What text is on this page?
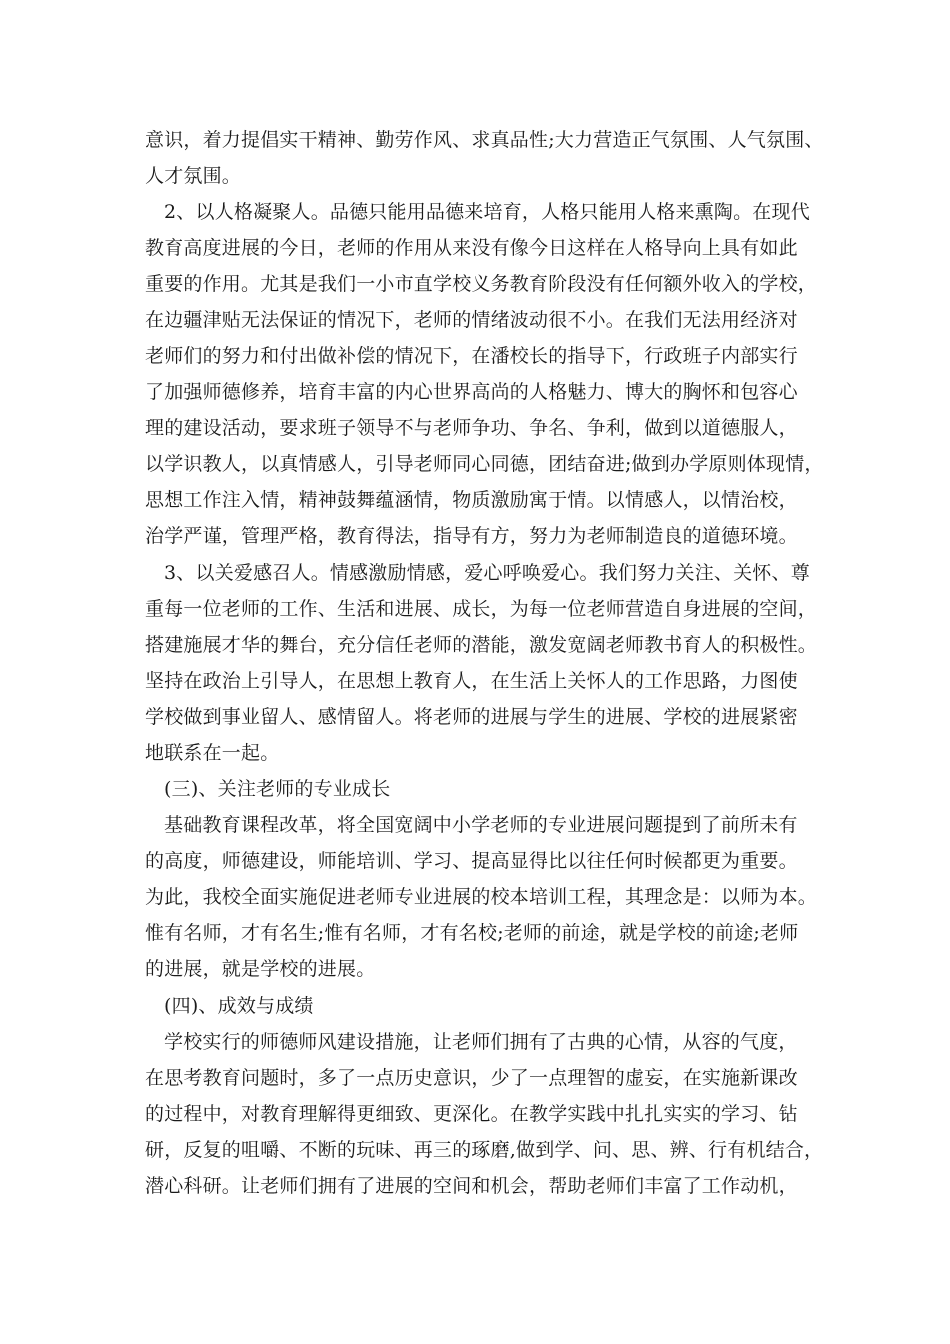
意识，着力提倡实干精神、勤劳作风、求真品性;大力营造正气氛围、人气氛围、
人才氛围。
2、以人格凝聚人。品德只能用品德来培育，人格只能用人格来熏陶。在现代
教育高度进展的今日，老师的作用从来没有像今日这样在人格导向上具有如此
重要的作用。尤其是我们一小市直学校义务教育阶段没有任何额外收入的学校，
在边疆津贴无法保证的情况下，老师的情绪波动很不小。在我们无法用经济对
老师们的努力和付出做补偿的情况下，在潘校长的指导下，行政班子内部实行
了加强师德修养，培育丰富的内心世界高尚的人格魅力、博大的胸怀和包容心
理的建设活动，要求班子领导不与老师争功、争名、争利，做到以道德服人，
以学识教人，以真情感人，引导老师同心同德，团结奋进;做到办学原则体现情，
思想工作注入情，精神鼓舞蕴涵情，物质激励寓于情。以情感人，以情治校，
治学严谨，管理严格，教育得法，指导有方，努力为老师制造良的道德环境。
3、以关爱感召人。情感激励情感，爱心呼唤爱心。我们努力关注、关怀、尊
重每一位老师的工作、生活和进展、成长，为每一位老师营造自身进展的空间，
搭建施展才华的舞台，充分信任老师的潜能，激发宽阔老师教书育人的积极性。
坚持在政治上引导人，在思想上教育人，在生活上关怀人的工作思路，力图使
学校做到事业留人、感情留人。将老师的进展与学生的进展、学校的进展紧密
地联系在一起。
(三)、关注老师的专业成长
基础教育课程改革，将全国宽阔中小学老师的专业进展问题提到了前所未有
的高度，师德建设，师能培训、学习、提高显得比以往任何时候都更为重要。
为此，我校全面实施促进老师专业进展的校本培训工程，其理念是：以师为本。
惟有名师，才有名生;惟有名师，才有名校;老师的前途，就是学校的前途;老师
的进展，就是学校的进展。
(四)、成效与成绩
学校实行的师德师风建设措施，让老师们拥有了古典的心情，从容的气度，
在思考教育问题时，多了一点历史意识，少了一点理智的虚妄，在实施新课改
的过程中，对教育理解得更细致、更深化。在教学实践中扎扎实实的学习、钻
研，反复的咀嚼、不断的玩味、再三的琢磨,做到学、问、思、辨、行有机结合，
潜心科研。让老师们拥有了进展的空间和机会，帮助老师们丰富了工作动机，
